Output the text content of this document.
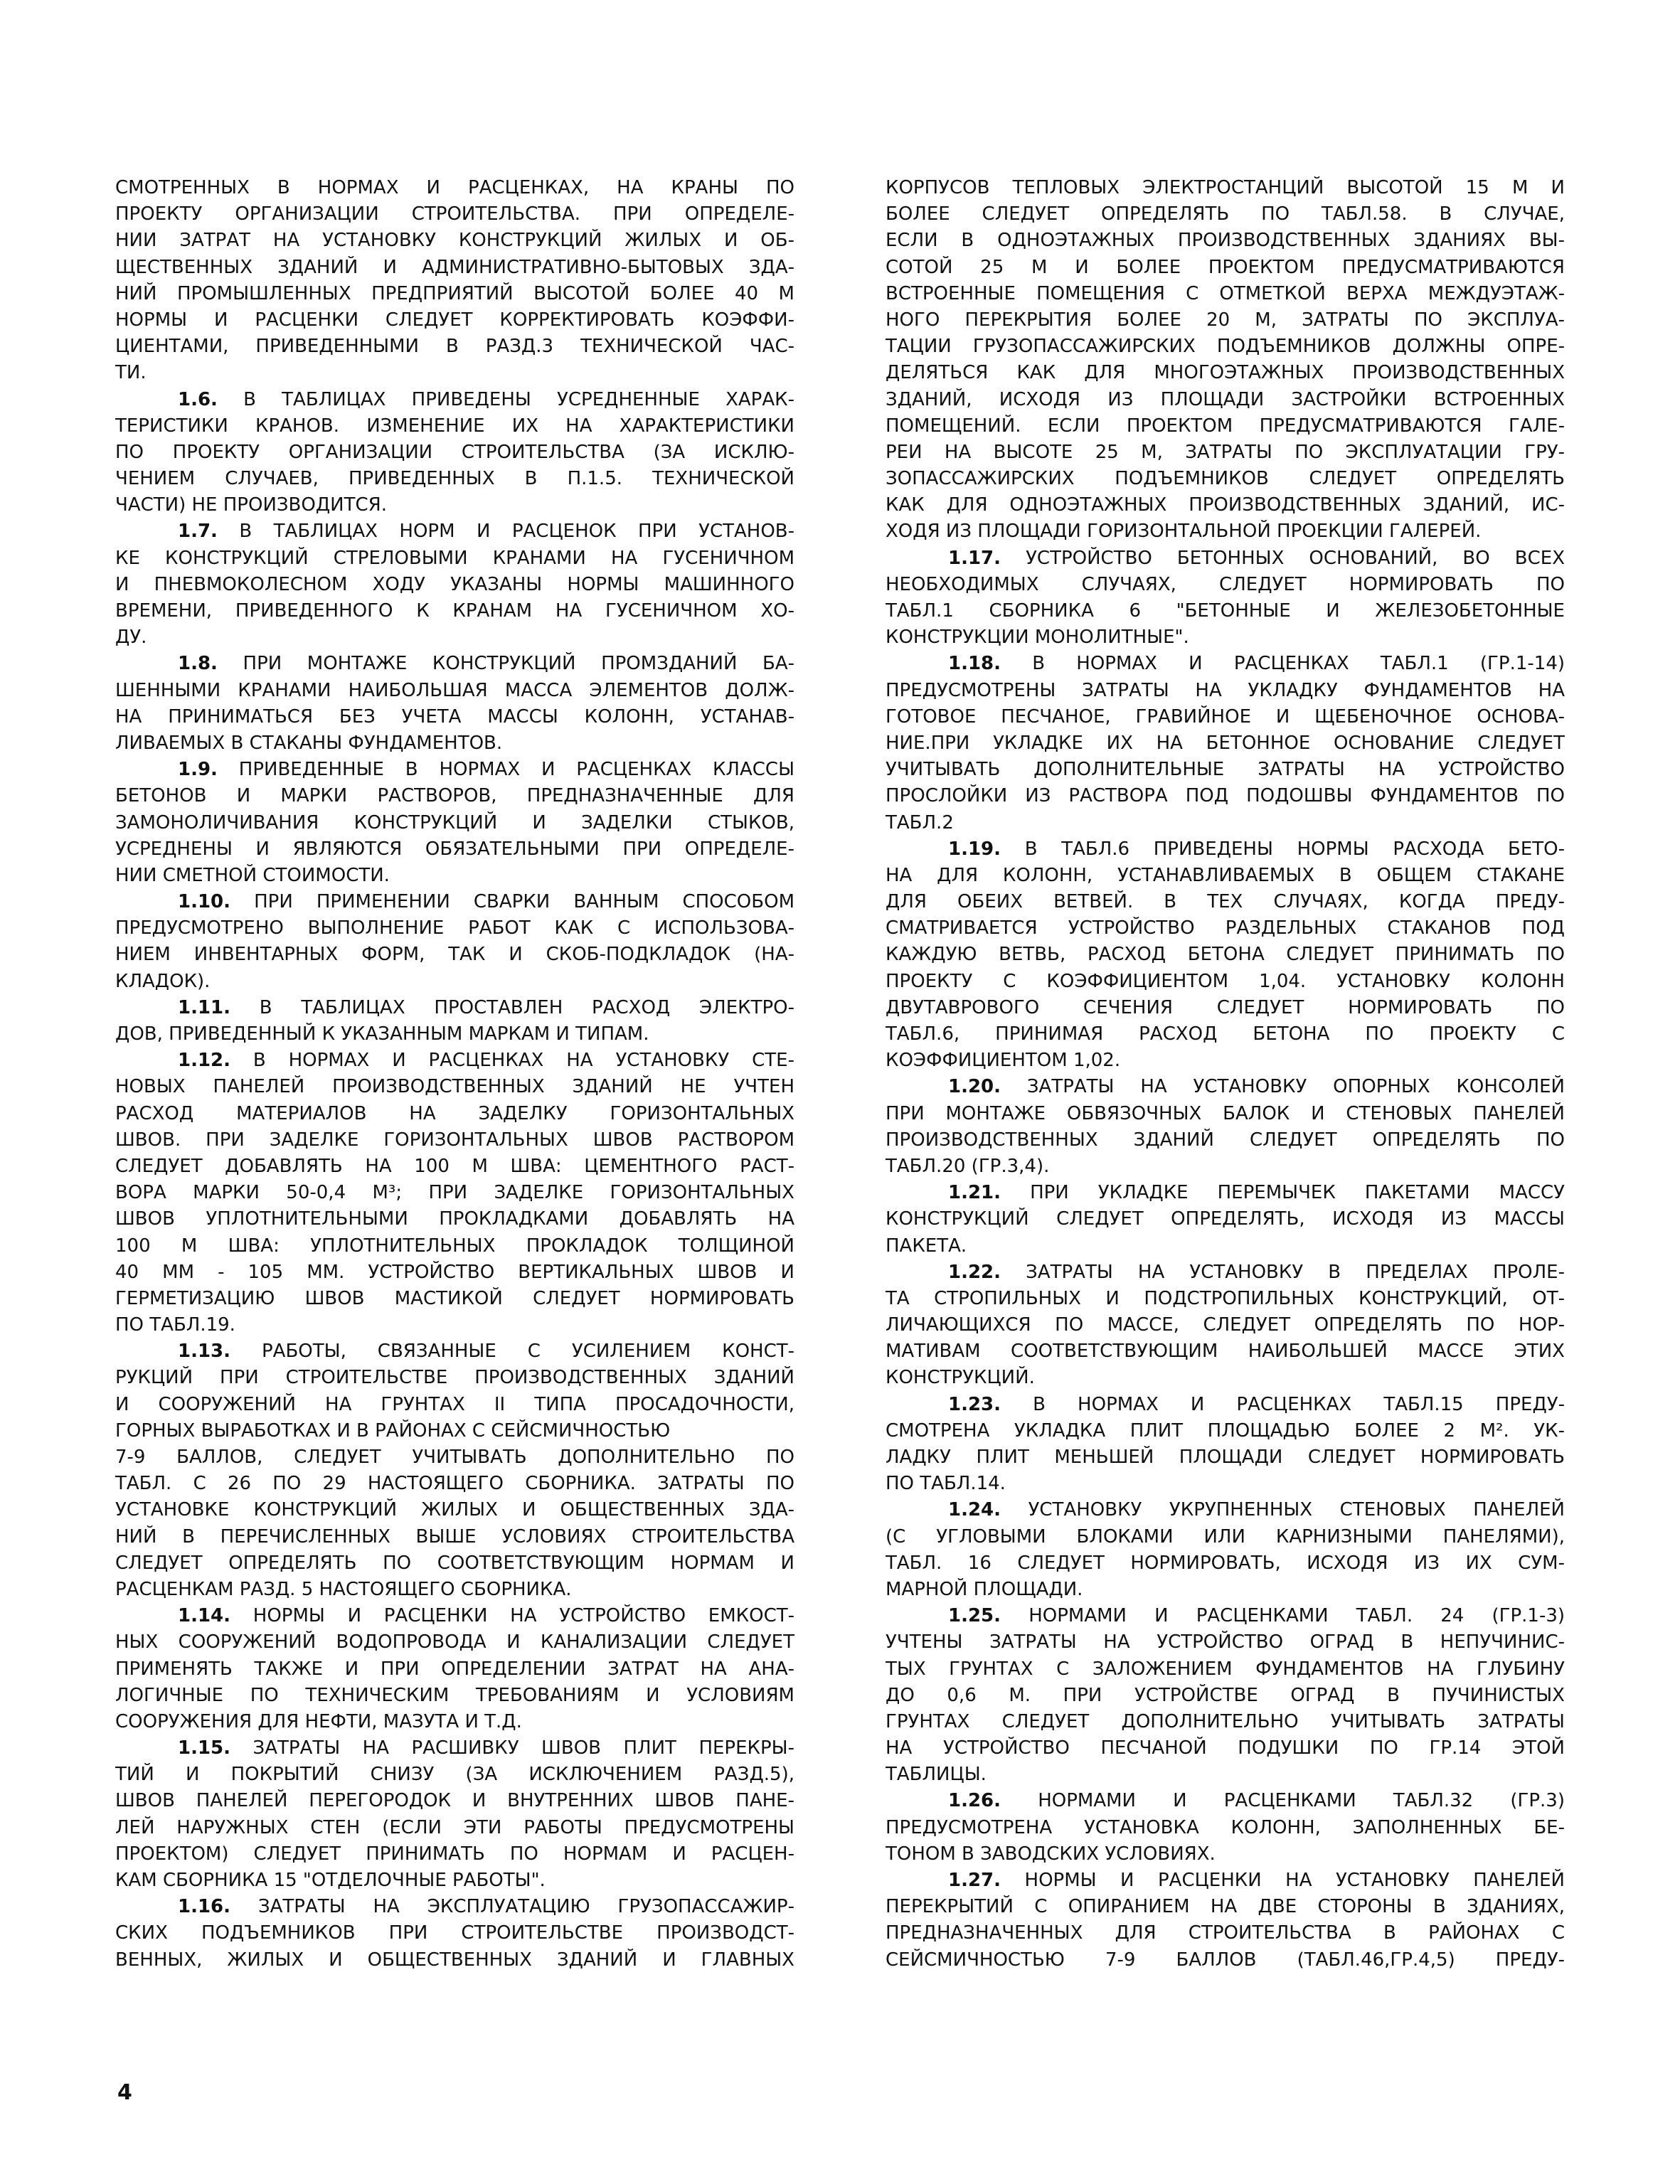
СМОТРЕННЫХ В НОРМАХ И РАСЦЕНКАХ, НА КРАНЫ ПО
ПРОЕКТУ ОРГАНИЗАЦИИ СТРОИТЕЛЬСТВА. ПРИ ОПРЕДЕЛЕ-
НИИ ЗАТРАТ НА УСТАНОВКУ КОНСТРУКЦИЙ ЖИЛЫХ И ОБ-
ЩЕСТВЕННЫХ ЗДАНИЙ И АДМИНИСТРАТИВНО-БЫТОВЫХ ЗДА-
НИЙ ПРОМЫШЛЕННЫХ ПРЕДПРИЯТИЙ ВЫСОТОЙ БОЛЕЕ 40 М
НОРМЫ И РАСЦЕНКИ СЛЕДУЕТ КОРРЕКТИРОВАТЬ КОЭФФИ-
ЦИЕНТАМИ, ПРИВЕДЕННЫМИ В РАЗД.3 ТЕХНИЧЕСКОЙ ЧАС-
ТИ.
1.6. В ТАБЛИЦАХ ПРИВЕДЕНЫ УСРЕДНЕННЫЕ ХАРАК-
ТЕРИСТИКИ КРАНОВ. ИЗМЕНЕНИЕ ИХ НА ХАРАКТЕРИСТИКИ
ПО ПРОЕКТУ ОРГАНИЗАЦИИ СТРОИТЕЛЬСТВА (ЗА ИСКЛЮ-
ЧЕНИЕМ СЛУЧАЕВ, ПРИВЕДЕННЫХ В П.1.5. ТЕХНИЧЕСКОЙ
ЧАСТИ) НЕ ПРОИЗВОДИТСЯ.
1.7. В ТАБЛИЦАХ НОРМ И РАСЦЕНОК ПРИ УСТАНОВ-
КЕ КОНСТРУКЦИЙ СТРЕЛОВЫМИ КРАНАМИ НА ГУСЕНИЧНОМ
И ПНЕВМОКОЛЕСНОМ ХОДУ УКАЗАНЫ НОРМЫ МАШИННОГО
ВРЕМЕНИ, ПРИВЕДЕННОГО К КРАНАМ НА ГУСЕНИЧНОМ ХО-
ДУ.
1.8. ПРИ МОНТАЖЕ КОНСТРУКЦИЙ ПРОМЗДАНИЙ БА-
ШЕННЫМИ КРАНАМИ НАИБОЛЬШАЯ МАССА ЭЛЕМЕНТОВ ДОЛЖ-
НА ПРИНИМАТЬСЯ БЕЗ УЧЕТА МАССЫ КОЛОНН, УСТАНАВ-
ЛИВАЕМЫХ В СТАКАНЫ ФУНДАМЕНТОВ.
1.9. ПРИВЕДЕННЫЕ В НОРМАХ И РАСЦЕНКАХ КЛАССЫ
БЕТОНОВ И МАРКИ РАСТВОРОВ, ПРЕДНАЗНАЧЕННЫЕ ДЛЯ
ЗАМОНОЛИЧИВАНИЯ КОНСТРУКЦИЙ И ЗАДЕЛКИ СТЫКОВ,
УСРЕДНЕНЫ И ЯВЛЯЮТСЯ ОБЯЗАТЕЛЬНЫМИ ПРИ ОПРЕДЕЛЕ-
НИИ СМЕТНОЙ СТОИМОСТИ.
1.10. ПРИ ПРИМЕНЕНИИ СВАРКИ ВАННЫМ СПОСОБОМ
ПРЕДУСМОТРЕНО ВЫПОЛНЕНИЕ РАБОТ КАК С ИСПОЛЬЗОВА-
НИЕМ ИНВЕНТАРНЫХ ФОРМ, ТАК И СКОБ-ПОДКЛАДОК (НА-
КЛАДОК).
1.11. В ТАБЛИЦАХ ПРОСТАВЛЕН РАСХОД ЭЛЕКТРО-
ДОВ, ПРИВЕДЕННЫЙ К УКАЗАННЫМ МАРКАМ И ТИПАМ.
1.12. В НОРМАХ И РАСЦЕНКАХ НА УСТАНОВКУ СТЕ-
НОВЫХ ПАНЕЛЕЙ ПРОИЗВОДСТВЕННЫХ ЗДАНИЙ НЕ УЧТЕН
РАСХОД МАТЕРИАЛОВ НА ЗАДЕЛКУ ГОРИЗОНТАЛЬНЫХ
ШВОВ. ПРИ ЗАДЕЛКЕ ГОРИЗОНТАЛЬНЫХ ШВОВ РАСТВОРОМ
СЛЕДУЕТ ДОБАВЛЯТЬ НА 100 М ШВА: ЦЕМЕНТНОГО РАСТ-
ВОРА МАРКИ 50-0,4 М³; ПРИ ЗАДЕЛКЕ ГОРИЗОНТАЛЬНЫХ
ШВОВ УПЛОТНИТЕЛЬНЫМИ ПРОКЛАДКАМИ ДОБАВЛЯТЬ НА
100 М ШВА: УПЛОТНИТЕЛЬНЫХ ПРОКЛАДОК ТОЛЩИНОЙ
40 ММ - 105 ММ. УСТРОЙСТВО ВЕРТИКАЛЬНЫХ ШВОВ И
ГЕРМЕТИЗАЦИЮ ШВОВ МАСТИКОЙ СЛЕДУЕТ НОРМИРОВАТЬ
ПО ТАБЛ.19.
1.13. РАБОТЫ, СВЯЗАННЫЕ С УСИЛЕНИЕМ КОНСТ-
РУКЦИЙ ПРИ СТРОИТЕЛЬСТВЕ ПРОИЗВОДСТВЕННЫХ ЗДАНИЙ
И СООРУЖЕНИЙ НА ГРУНТАХ II ТИПА ПРОСАДОЧНОСТИ,
ГОРНЫХ ВЫРАБОТКАХ И В РАЙОНАХ С СЕЙСМИЧНОСТЬЮ
7-9 БАЛЛОВ, СЛЕДУЕТ УЧИТЫВАТЬ ДОПОЛНИТЕЛЬНО ПО
ТАБЛ. С 26 ПО 29 НАСТОЯЩЕГО СБОРНИКА. ЗАТРАТЫ ПО
УСТАНОВКЕ КОНСТРУКЦИЙ ЖИЛЫХ И ОБЩЕСТВЕННЫХ ЗДА-
НИЙ В ПЕРЕЧИСЛЕННЫХ ВЫШЕ УСЛОВИЯХ СТРОИТЕЛЬСТВА
СЛЕДУЕТ ОПРЕДЕЛЯТЬ ПО СООТВЕТСТВУЮЩИМ НОРМАМ И
РАСЦЕНКАМ РАЗД. 5 НАСТОЯЩЕГО СБОРНИКА.
1.14. НОРМЫ И РАСЦЕНКИ НА УСТРОЙСТВО ЕМКОСТ-
НЫХ СООРУЖЕНИЙ ВОДОПРОВОДА И КАНАЛИЗАЦИИ СЛЕДУЕТ
ПРИМЕНЯТЬ ТАКЖЕ И ПРИ ОПРЕДЕЛЕНИИ ЗАТРАТ НА АНА-
ЛОГИЧНЫЕ ПО ТЕХНИЧЕСКИМ ТРЕБОВАНИЯМ И УСЛОВИЯМ
СООРУЖЕНИЯ ДЛЯ НЕФТИ, МАЗУТА И Т.Д.
1.15. ЗАТРАТЫ НА РАСШИВКУ ШВОВ ПЛИТ ПЕРЕКРЫ-
ТИЙ И ПОКРЫТИЙ СНИЗУ (ЗА ИСКЛЮЧЕНИЕМ РАЗД.5),
ШВОВ ПАНЕЛЕЙ ПЕРЕГОРОДОК И ВНУТРЕННИХ ШВОВ ПАНЕ-
ЛЕЙ НАРУЖНЫХ СТЕН (ЕСЛИ ЭТИ РАБОТЫ ПРЕДУСМОТРЕНЫ
ПРОЕКТОМ) СЛЕДУЕТ ПРИНИМАТЬ ПО НОРМАМ И РАСЦЕН-
КАМ СБОРНИКА 15 "ОТДЕЛОЧНЫЕ РАБОТЫ".
1.16. ЗАТРАТЫ НА ЭКСПЛУАТАЦИЮ ГРУЗОПАССАЖИР-
СКИХ ПОДЪЕМНИКОВ ПРИ СТРОИТЕЛЬСТВЕ ПРОИЗВОДСТ-
ВЕННЫХ, ЖИЛЫХ И ОБЩЕСТВЕННЫХ ЗДАНИЙ И ГЛАВНЫХ
КОРПУСОВ ТЕПЛОВЫХ ЭЛЕКТРОСТАНЦИЙ ВЫСОТОЙ 15 М И
БОЛЕЕ СЛЕДУЕТ ОПРЕДЕЛЯТЬ ПО ТАБЛ.58. В СЛУЧАЕ,
ЕСЛИ В ОДНОЭТАЖНЫХ ПРОИЗВОДСТВЕННЫХ ЗДАНИЯХ ВЫ-
СОТОЙ 25 М И БОЛЕЕ ПРОЕКТОМ ПРЕДУСМАТРИВАЮТСЯ
ВСТРОЕННЫЕ ПОМЕЩЕНИЯ С ОТМЕТКОЙ ВЕРХА МЕЖДУЭТАЖ-
НОГО ПЕРЕКРЫТИЯ БОЛЕЕ 20 М, ЗАТРАТЫ ПО ЭКСПЛУА-
ТАЦИИ ГРУЗОПАССАЖИРСКИХ ПОДЪЕМНИКОВ ДОЛЖНЫ ОПРЕ-
ДЕЛЯТЬСЯ КАК ДЛЯ МНОГОЭТАЖНЫХ ПРОИЗВОДСТВЕННЫХ
ЗДАНИЙ, ИСХОДЯ ИЗ ПЛОЩАДИ ЗАСТРОЙКИ ВСТРОЕННЫХ
ПОМЕЩЕНИЙ. ЕСЛИ ПРОЕКТОМ ПРЕДУСМАТРИВАЮТСЯ ГАЛЕ-
РЕИ НА ВЫСОТЕ 25 М, ЗАТРАТЫ ПО ЭКСПЛУАТАЦИИ ГРУ-
ЗОПАССАЖИРСКИХ ПОДЪЕМНИКОВ СЛЕДУЕТ ОПРЕДЕЛЯТЬ
КАК ДЛЯ ОДНОЭТАЖНЫХ ПРОИЗВОДСТВЕННЫХ ЗДАНИЙ, ИС-
ХОДЯ ИЗ ПЛОЩАДИ ГОРИЗОНТАЛЬНОЙ ПРОЕКЦИИ ГАЛЕРЕЙ.
1.17. УСТРОЙСТВО БЕТОННЫХ ОСНОВАНИЙ, ВО ВСЕХ
НЕОБХОДИМЫХ СЛУЧАЯХ, СЛЕДУЕТ НОРМИРОВАТЬ ПО
ТАБЛ.1 СБОРНИКА 6 "БЕТОННЫЕ И ЖЕЛЕЗОБЕТОННЫЕ
КОНСТРУКЦИИ МОНОЛИТНЫЕ".
1.18. В НОРМАХ И РАСЦЕНКАХ ТАБЛ.1 (ГР.1-14)
ПРЕДУСМОТРЕНЫ ЗАТРАТЫ НА УКЛАДКУ ФУНДАМЕНТОВ НА
ГОТОВОЕ ПЕСЧАНОЕ, ГРАВИЙНОЕ И ЩЕБЕНОЧНОЕ ОСНОВА-
НИЕ.ПРИ УКЛАДКЕ ИХ НА БЕТОННОЕ ОСНОВАНИЕ СЛЕДУЕТ
УЧИТЫВАТЬ ДОПОЛНИТЕЛЬНЫЕ ЗАТРАТЫ НА УСТРОЙСТВО
ПРОСЛОЙКИ ИЗ РАСТВОРА ПОД ПОДОШВЫ ФУНДАМЕНТОВ ПО
ТАБЛ.2
1.19. В ТАБЛ.6 ПРИВЕДЕНЫ НОРМЫ РАСХОДА БЕТО-
НА ДЛЯ КОЛОНН, УСТАНАВЛИВАЕМЫХ В ОБЩЕМ СТАКАНЕ
ДЛЯ ОБЕИХ ВЕТВЕЙ. В ТЕХ СЛУЧАЯХ, КОГДА ПРЕДУ-
СМАТРИВАЕТСЯ УСТРОЙСТВО РАЗДЕЛЬНЫХ СТАКАНОВ ПОД
КАЖДУЮ ВЕТВЬ, РАСХОД БЕТОНА СЛЕДУЕТ ПРИНИМАТЬ ПО
ПРОЕКТУ С КОЭФФИЦИЕНТОМ 1,04. УСТАНОВКУ КОЛОНН
ДВУТАВРОВОГО СЕЧЕНИЯ СЛЕДУЕТ НОРМИРОВАТЬ ПО
ТАБЛ.6, ПРИНИМАЯ РАСХОД БЕТОНА ПО ПРОЕКТУ С
КОЭФФИЦИЕНТОМ 1,02.
1.20. ЗАТРАТЫ НА УСТАНОВКУ ОПОРНЫХ КОНСОЛЕЙ
ПРИ МОНТАЖЕ ОБВЯЗОЧНЫХ БАЛОК И СТЕНОВЫХ ПАНЕЛЕЙ
ПРОИЗВОДСТВЕННЫХ ЗДАНИЙ СЛЕДУЕТ ОПРЕДЕЛЯТЬ ПО
ТАБЛ.20 (ГР.3,4).
1.21. ПРИ УКЛАДКЕ ПЕРЕМЫЧЕК ПАКЕТАМИ МАССУ
КОНСТРУКЦИЙ СЛЕДУЕТ ОПРЕДЕЛЯТЬ, ИСХОДЯ ИЗ МАССЫ
ПАКЕТА.
1.22. ЗАТРАТЫ НА УСТАНОВКУ В ПРЕДЕЛАХ ПРОЛЕ-
ТА СТРОПИЛЬНЫХ И ПОДСТРОПИЛЬНЫХ КОНСТРУКЦИЙ, ОТ-
ЛИЧАЮЩИХСЯ ПО МАССЕ, СЛЕДУЕТ ОПРЕДЕЛЯТЬ ПО НОР-
МАТИВАМ СООТВЕТСТВУЮЩИМ НАИБОЛЬШЕЙ МАССЕ ЭТИХ
КОНСТРУКЦИЙ.
1.23. В НОРМАХ И РАСЦЕНКАХ ТАБЛ.15 ПРЕДУ-
СМОТРЕНА УКЛАДКА ПЛИТ ПЛОЩАДЬЮ БОЛЕЕ 2 М². УК-
ЛАДКУ ПЛИТ МЕНЬШЕЙ ПЛОЩАДИ СЛЕДУЕТ НОРМИРОВАТЬ
ПО ТАБЛ.14.
1.24. УСТАНОВКУ УКРУПНЕННЫХ СТЕНОВЫХ ПАНЕЛЕЙ
(С УГЛОВЫМИ БЛОКАМИ ИЛИ КАРНИЗНЫМИ ПАНЕЛЯМИ),
ТАБЛ. 16 СЛЕДУЕТ НОРМИРОВАТЬ, ИСХОДЯ ИЗ ИХ СУМ-
МАРНОЙ ПЛОЩАДИ.
1.25. НОРМАМИ И РАСЦЕНКАМИ ТАБЛ. 24 (ГР.1-3)
УЧТЕНЫ ЗАТРАТЫ НА УСТРОЙСТВО ОГРАД В НЕПУЧИНИС-
ТЫХ ГРУНТАХ С ЗАЛОЖЕНИЕМ ФУНДАМЕНТОВ НА ГЛУБИНУ
ДО 0,6 М. ПРИ УСТРОЙСТВЕ ОГРАД В ПУЧИНИСТЫХ
ГРУНТАХ СЛЕДУЕТ ДОПОЛНИТЕЛЬНО УЧИТЫВАТЬ ЗАТРАТЫ
НА УСТРОЙСТВО ПЕСЧАНОЙ ПОДУШКИ ПО ГР.14 ЭТОЙ
ТАБЛИЦЫ.
1.26. НОРМАМИ И РАСЦЕНКАМИ ТАБЛ.32 (ГР.3)
ПРЕДУСМОТРЕНА УСТАНОВКА КОЛОНН, ЗАПОЛНЕННЫХ БЕ-
ТОНОМ В ЗАВОДСКИХ УСЛОВИЯХ.
1.27. НОРМЫ И РАСЦЕНКИ НА УСТАНОВКУ ПАНЕЛЕЙ
ПЕРЕКРЫТИЙ С ОПИРАНИЕМ НА ДВЕ СТОРОНЫ В ЗДАНИЯХ,
ПРЕДНАЗНАЧЕННЫХ ДЛЯ СТРОИТЕЛЬСТВА В РАЙОНАХ С
СЕЙСМИЧНОСТЬЮ 7-9 БАЛЛОВ (ТАБЛ.46,ГР.4,5) ПРЕДУ-
4
